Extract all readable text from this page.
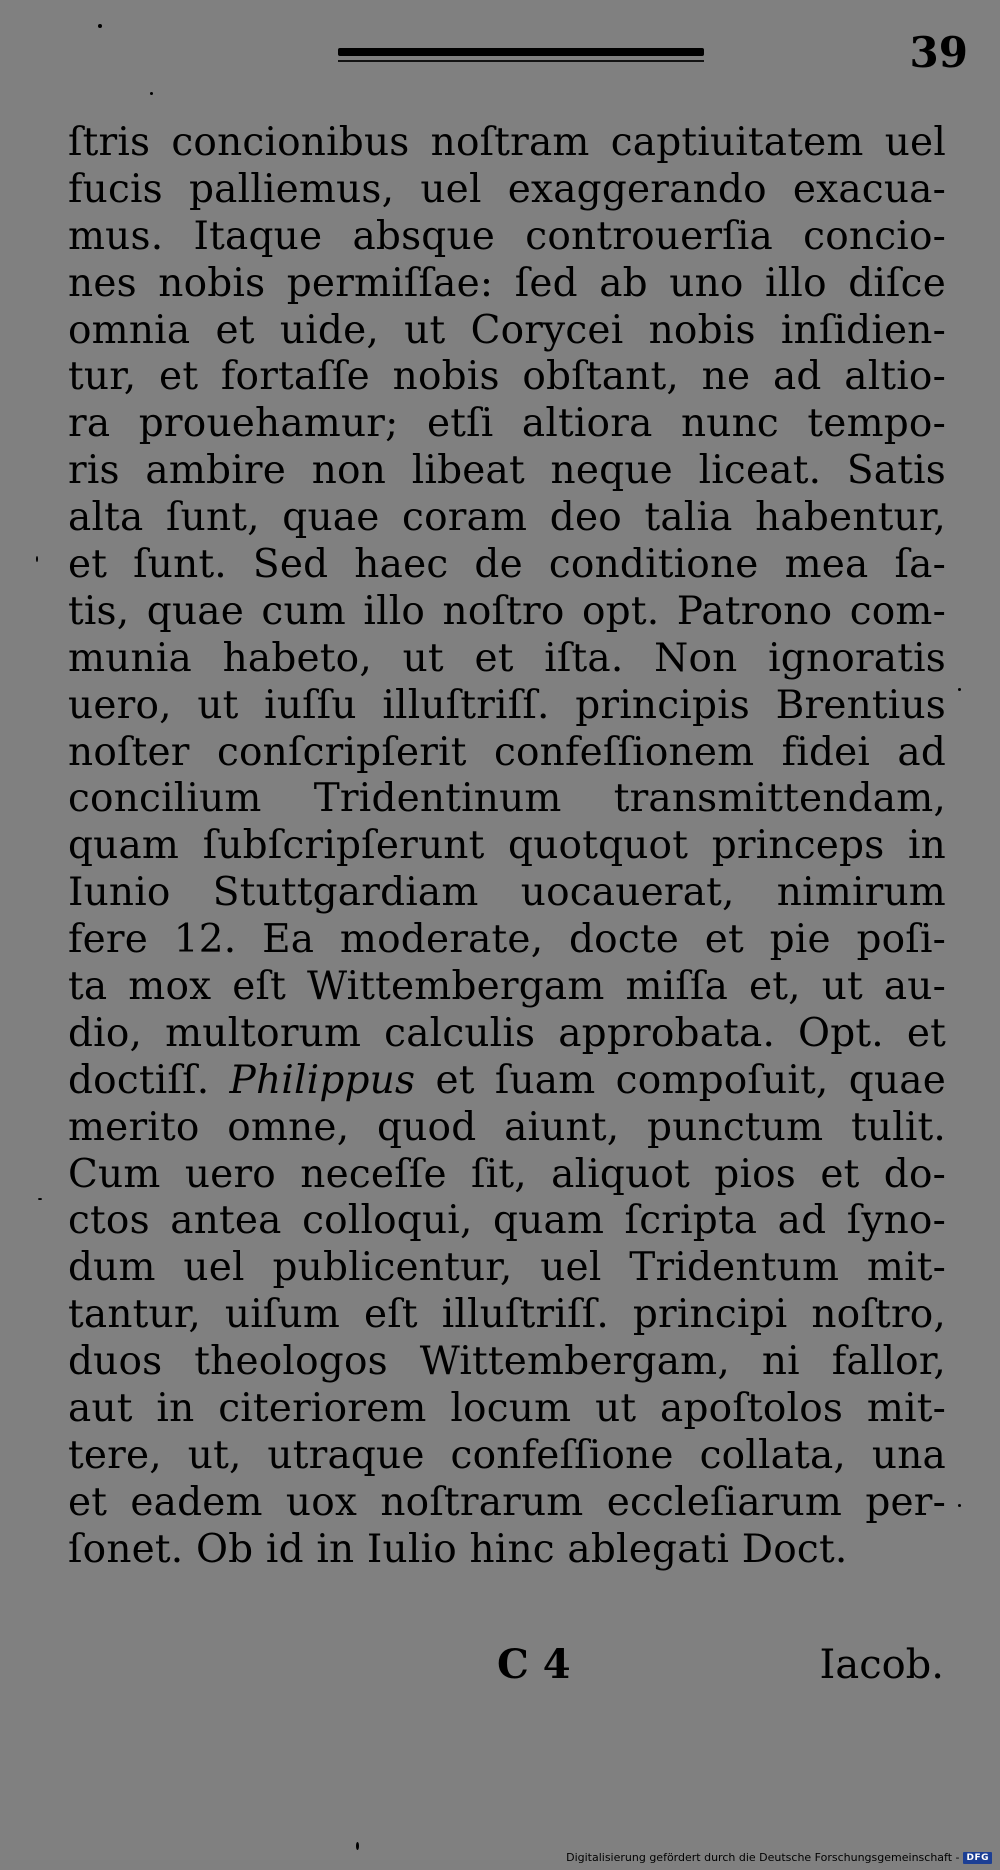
39
ſtris concionibus noſtram captiuitatem uel
fucis palliemus, uel exaggerando exacua-
mus. Itaque absque controuerſia concio-
nes nobis permiſſae: ſed ab uno illo diſce
omnia et uide, ut Corycei nobis inſidien-
tur, et fortaſſe nobis obſtant, ne ad altio-
ra prouehamur; etſi altiora nunc tempo-
ris ambire non libeat neque liceat. Satis
alta ſunt, quae coram deo talia habentur,
et ſunt. Sed haec de conditione mea ſa-
tis, quae cum illo noſtro opt. Patrono com-
munia habeto, ut et iſta. Non ignoratis
uero, ut iuſſu illuſtriſſ. principis Brentius
noſter conſcripſerit confeſſionem fidei ad
concilium Tridentinum transmittendam,
quam ſubſcripſerunt quotquot princeps in
Iunio Stuttgardiam uocauerat, nimirum
fere 12. Ea moderate, docte et pie poſi-
ta mox eſt Wittembergam miſſa et, ut au-
dio, multorum calculis approbata. Opt. et
doctiſſ. Philippus et ſuam compoſuit, quae
merito omne, quod aiunt, punctum tulit.
Cum uero neceſſe ſit, aliquot pios et do-
ctos antea colloqui, quam ſcripta ad ſyno-
dum uel publicentur, uel Tridentum mit-
tantur, uiſum eſt illuſtriſſ. principi noſtro,
duos theologos Wittembergam, ni fallor,
aut in citeriorem locum ut apoſtolos mit-
tere, ut, utraque confeſſione collata, una
et eadem uox noſtrarum eccleſiarum per-
ſonet. Ob id in Iulio hinc ablegati Doct.
C 4	Iacob.
Digitalisierung gefördert durch die Deutsche Forschungsgemeinschaft - DFG
